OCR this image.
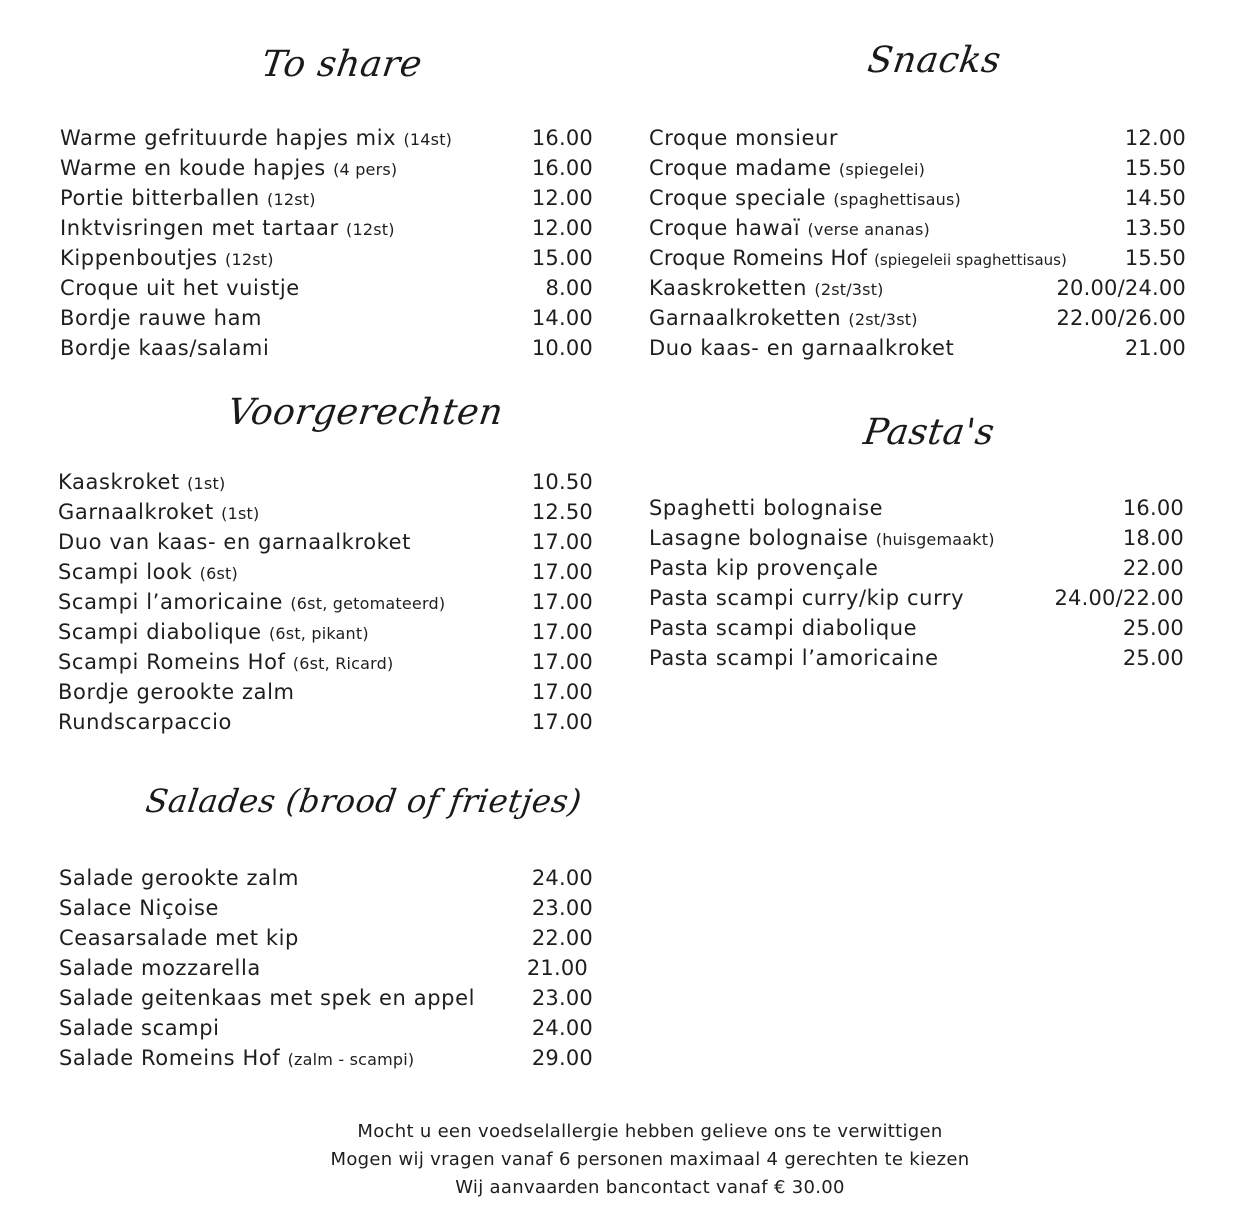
To share	Snacks
Voorgerechten	Pasta's
Salades (brood of frietjes)
Warme gefrituurde hapjes mix (14st)	16.00
Warme en koude hapjes (4 pers)	16.00
Portie bitterballen (12st)	12.00
Inktvisringen met tartaar (12st)	12.00
Kippenboutjes (12st)	15.00
Croque uit het vuistje	8.00
Bordje rauwe ham	14.00
Bordje kaas/salami	10.00
Croque monsieur	12.00
Croque madame (spiegelei)	15.50
Croque speciale (spaghettisaus)	14.50
Croque hawaï (verse ananas)	13.50
Croque Romeins Hof (spiegeleii spaghettisaus)	15.50
Kaaskroketten (2st/3st)	20.00/24.00
Garnaalkroketten (2st/3st)	22.00/26.00
Duo kaas- en garnaalkroket	21.00
Kaaskroket (1st)	10.50
Garnaalkroket (1st)	12.50
Duo van kaas- en garnaalkroket	17.00
Scampi look (6st)	17.00
Scampi l’amoricaine (6st, getomateerd)	17.00
Scampi diabolique (6st, pikant)	17.00
Scampi Romeins Hof (6st, Ricard)	17.00
Bordje gerookte zalm	17.00
Rundscarpaccio	17.00
Spaghetti bolognaise	16.00
Lasagne bolognaise (huisgemaakt)	18.00
Pasta kip provençale	22.00
Pasta scampi curry/kip curry	24.00/22.00
Pasta scampi diabolique	25.00
Pasta scampi l’amoricaine	25.00
Salade gerookte zalm	24.00
Salace Niçoise	23.00
Ceasarsalade met kip	22.00
Salade mozzarella	21.00
Salade geitenkaas met spek en appel	23.00
Salade scampi	24.00
Salade Romeins Hof (zalm - scampi)	29.00
Mocht u een voedselallergie hebben gelieve ons te verwittigen
Mogen wij vragen vanaf 6 personen maximaal 4 gerechten te kiezen
Wij aanvaarden bancontact vanaf € 30.00
